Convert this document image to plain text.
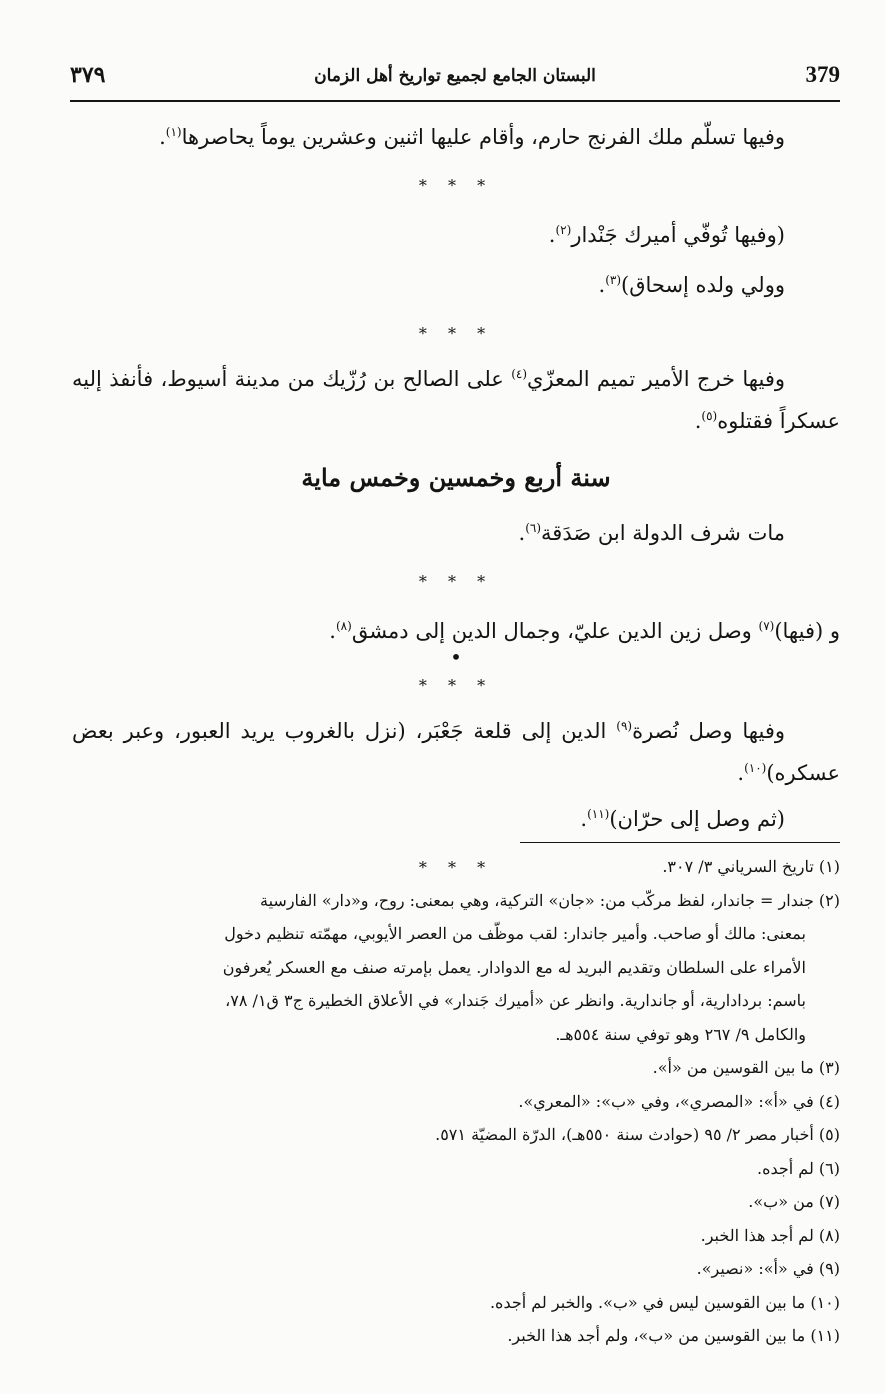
379
البستان الجامع لجميع تواريخ أهل الزمان
٣٧٩

وفيها تسلّم ملك الفرنج حارم، وأقام عليها اثنين وعشرين يوماً يحاصرها$^{(١)}$.

* * *

(وفيها تُوفّي أميرك جَنْدار$^{(٢)}$.

وولي ولده إسحاق)$^{(٣)}$.

* * *

وفيها خرج الأمير تميم المعزّي$^{(٤)}$ على الصالح بن رُزّيك من مدينة أسيوط، فأنفذ إليه عسكراً فقتلوه$^{(٥)}$.

سنة أربع وخمسين وخمس ماية

مات شرف الدولة ابن صَدَقة$^{(٦)}$.

* * *

و (فيها)$^{(٧)}$ وصل زين الدين عليّ، وجمال الدين إلى دمشق$^{(٨)}$.

•
* * *

وفيها وصل نُصرة$^{(٩)}$ الدين إلى قلعة جَعْبَر، (نزل بالغروب يريد العبور، وعبر بعض عسكره)$^{(١٠)}$.

(ثم وصل إلى حرّان)$^{(١١)}$.

* * *	(١) تاريخ السرياني ٣/ ٣٠٧.

(٢) جندار = جاندار، لفظ مركّب من: «جان» التركية، وهي بمعنى: روح، و«دار» الفارسية
بمعنى: مالك أو صاحب. وأمير جاندار: لقب موظّف من العصر الأيوبي، مهمّته تنظيم دخول
الأمراء على السلطان وتقديم البريد له مع الدوادار. يعمل بإمرته صنف مع العسكر يُعرفون
باسم: بردادارية، أو جاندارية. وانظر عن «أميرك جَندار» في الأعلاق الخطيرة ج٣ ق١/ ٧٨،
والكامل ٩/ ٢٦٧ وهو توفي سنة ٥٥٤هـ.

(٣) ما بين القوسين من «أ».

(٤) في «أ»: «المصري»، وفي «ب»: «المعري».

(٥) أخبار مصر ٢/ ٩٥ (حوادث سنة ٥٥٠هـ)، الدرّة المضيّة ٥٧١.

(٦) لم أجده.

(٧) من «ب».

(٨) لم أجد هذا الخبر.

(٩) في «أ»: «نصير».

(١٠) ما بين القوسين ليس في «ب». والخبر لم أجده.

(١١) ما بين القوسين من «ب»، ولم أجد هذا الخبر.
